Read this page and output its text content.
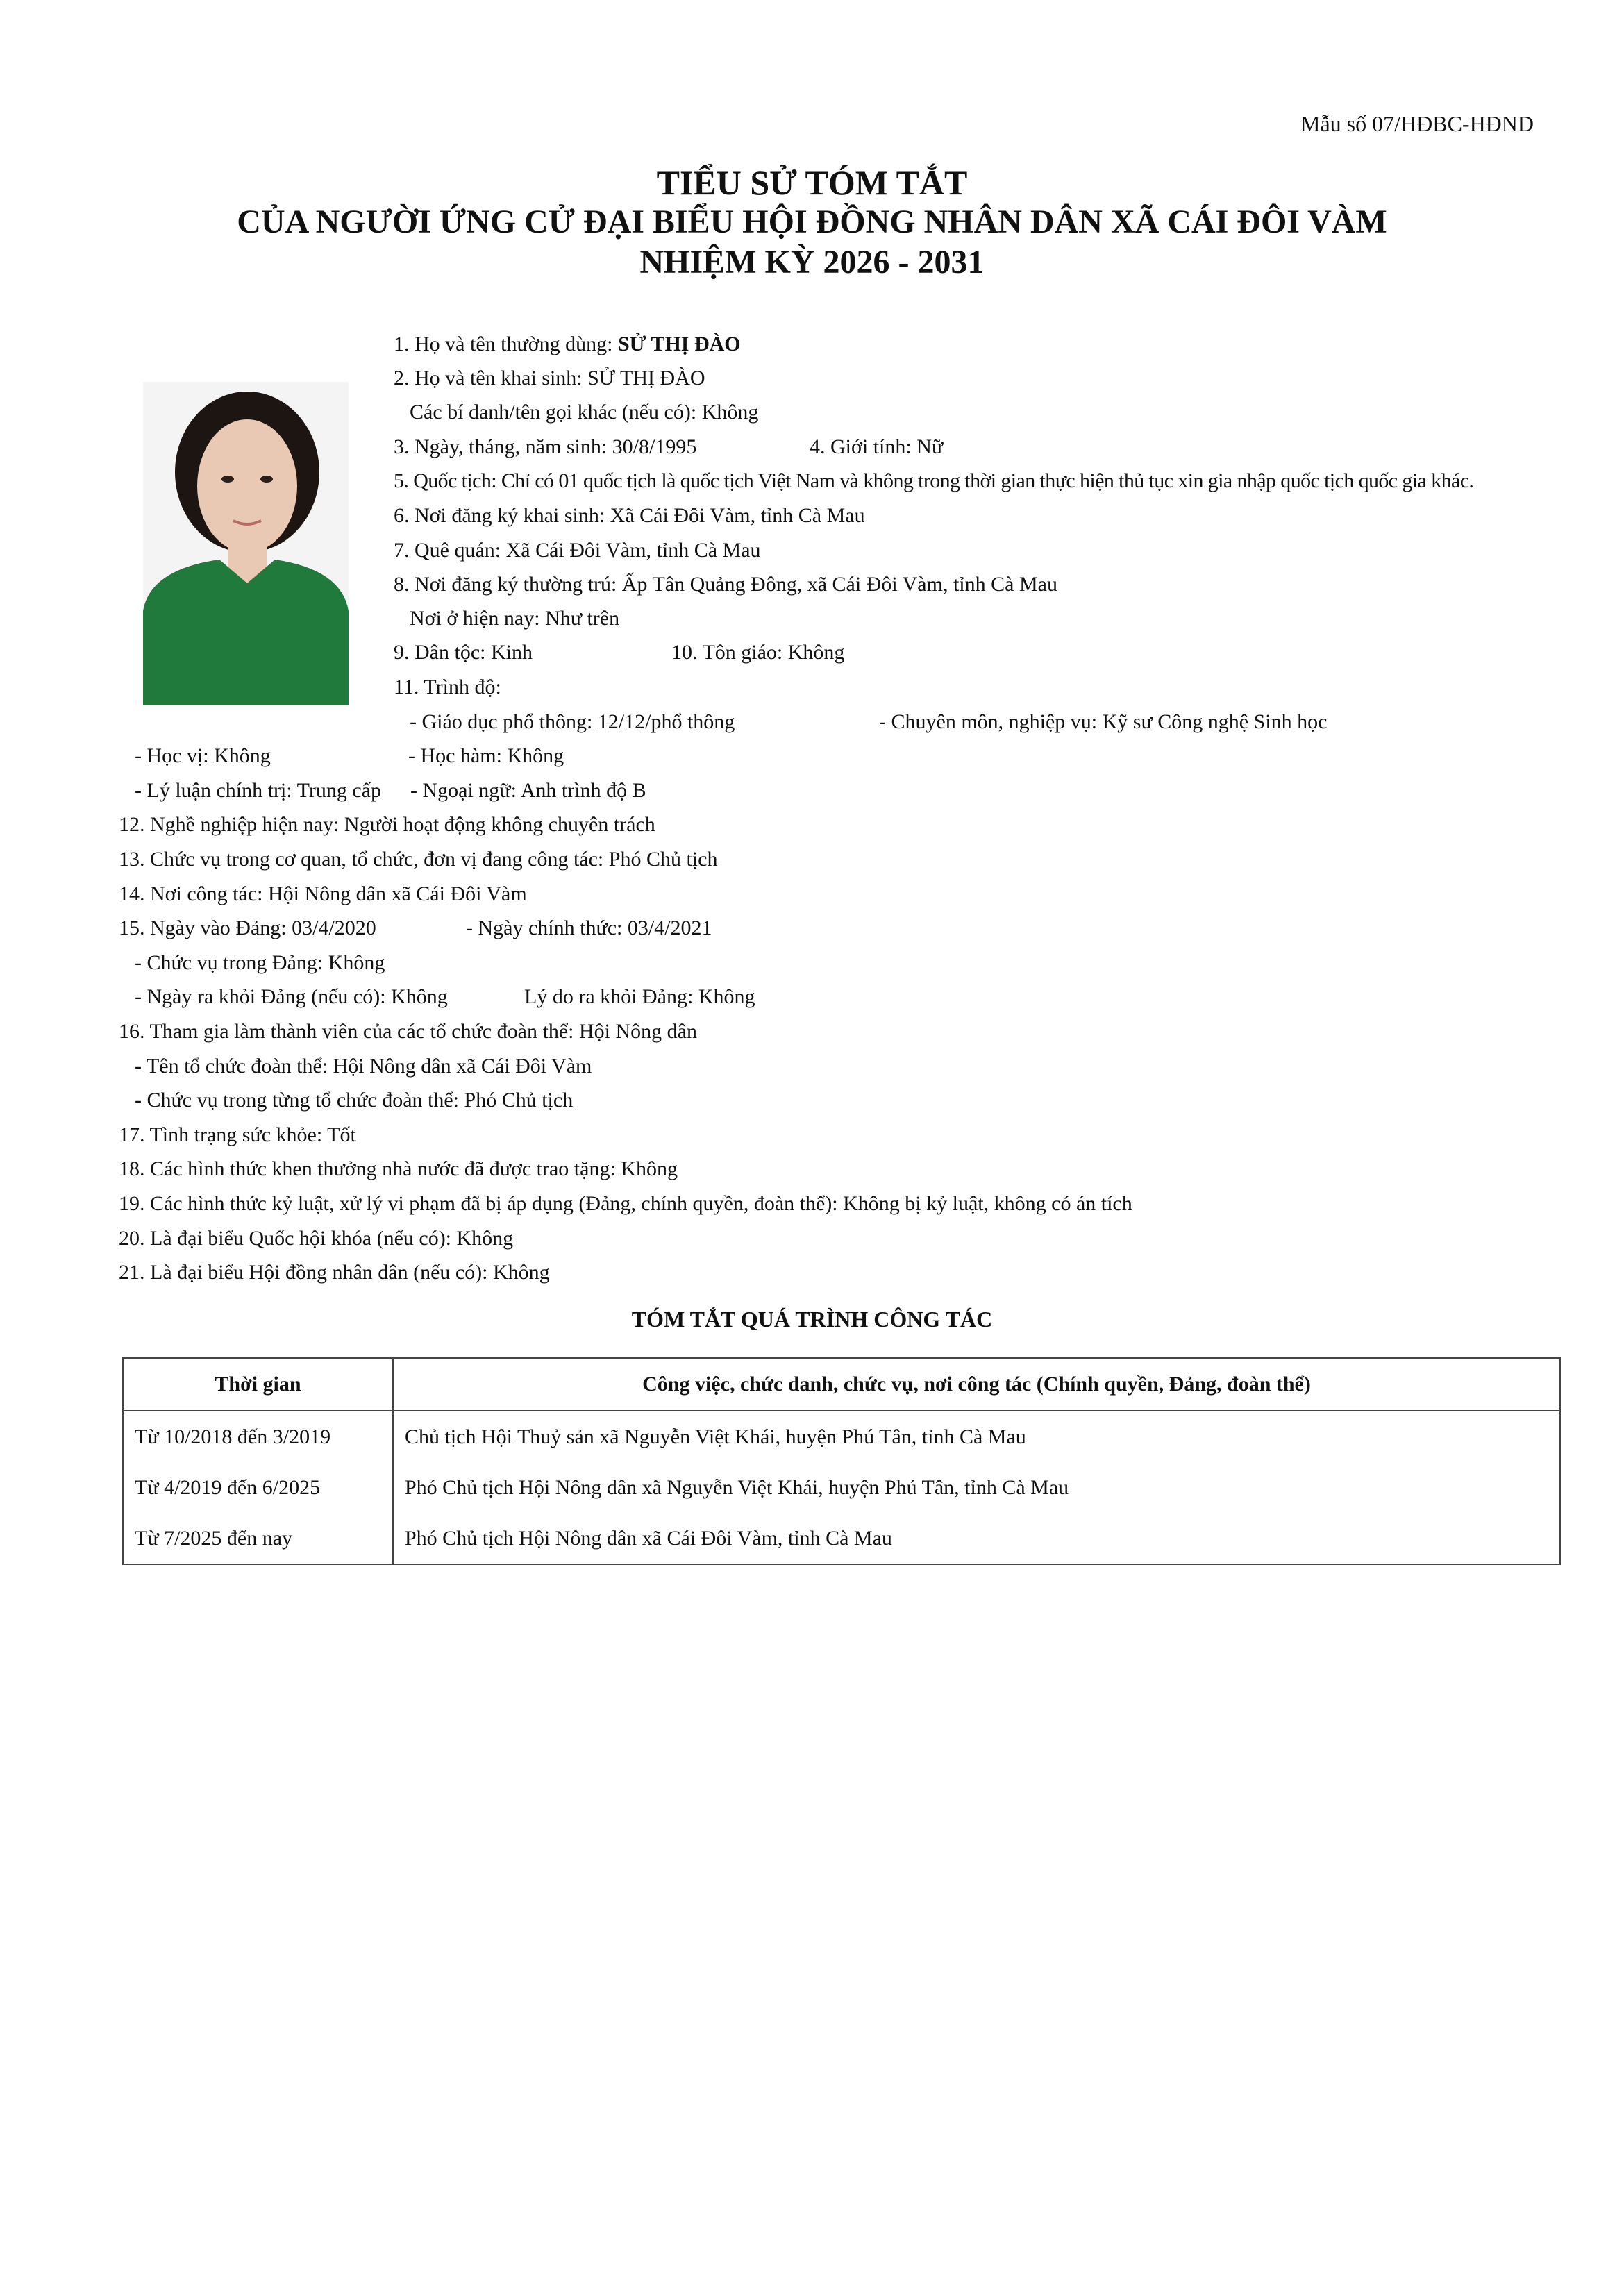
Mẫu số 07/HĐBC-HĐND
TIỂU SỬ TÓM TẮT
CỦA NGƯỜI ỨNG CỬ ĐẠI BIỂU HỘI ĐỒNG NHÂN DÂN XÃ CÁI ĐÔI VÀM
NHIỆM KỲ 2026 - 2031
1. Họ và tên thường dùng: SỬ THỊ ĐÀO
2. Họ và tên khai sinh: SỬ THỊ ĐÀO
Các bí danh/tên gọi khác (nếu có): Không
3. Ngày, tháng, năm sinh: 30/8/1995	4. Giới tính: Nữ
5. Quốc tịch: Chỉ có 01 quốc tịch là quốc tịch Việt Nam và không trong thời gian thực hiện thủ tục xin gia nhập quốc tịch quốc gia khác.
6. Nơi đăng ký khai sinh: Xã Cái Đôi Vàm, tỉnh Cà Mau
7. Quê quán: Xã Cái Đôi Vàm, tỉnh Cà Mau
8. Nơi đăng ký thường trú: Ấp Tân Quảng Đông, xã Cái Đôi Vàm, tỉnh Cà Mau
Nơi ở hiện nay: Như trên
9. Dân tộc: Kinh	10. Tôn giáo: Không
11. Trình độ:
- Giáo dục phổ thông: 12/12/phổ thông	- Chuyên môn, nghiệp vụ: Kỹ sư Công nghệ Sinh học
- Học vị: Không	- Học hàm: Không
- Lý luận chính trị: Trung cấp - Ngoại ngữ: Anh trình độ B
12. Nghề nghiệp hiện nay: Người hoạt động không chuyên trách
13. Chức vụ trong cơ quan, tổ chức, đơn vị đang công tác: Phó Chủ tịch
14. Nơi công tác: Hội Nông dân xã Cái Đôi Vàm
15. Ngày vào Đảng: 03/4/2020	- Ngày chính thức: 03/4/2021
- Chức vụ trong Đảng: Không
- Ngày ra khỏi Đảng (nếu có): Không	Lý do ra khỏi Đảng: Không
16. Tham gia làm thành viên của các tổ chức đoàn thể: Hội Nông dân
- Tên tổ chức đoàn thể: Hội Nông dân xã Cái Đôi Vàm
- Chức vụ trong từng tổ chức đoàn thể: Phó Chủ tịch
17. Tình trạng sức khỏe: Tốt
18. Các hình thức khen thưởng nhà nước đã được trao tặng: Không
19. Các hình thức kỷ luật, xử lý vi phạm đã bị áp dụng (Đảng, chính quyền, đoàn thể): Không bị kỷ luật, không có án tích
20. Là đại biểu Quốc hội khóa (nếu có): Không
21. Là đại biểu Hội đồng nhân dân (nếu có): Không
TÓM TẮT QUÁ TRÌNH CÔNG TÁC
Thời gian	Công việc, chức danh, chức vụ, nơi công tác (Chính quyền, Đảng, đoàn thể)
Từ 10/2018 đến 3/2019	Chủ tịch Hội Thuỷ sản xã Nguyễn Việt Khái, huyện Phú Tân, tỉnh Cà Mau
Từ 4/2019 đến 6/2025	Phó Chủ tịch Hội Nông dân xã Nguyễn Việt Khái, huyện Phú Tân, tỉnh Cà Mau
Từ 7/2025 đến nay	Phó Chủ tịch Hội Nông dân xã Cái Đôi Vàm, tỉnh Cà Mau
